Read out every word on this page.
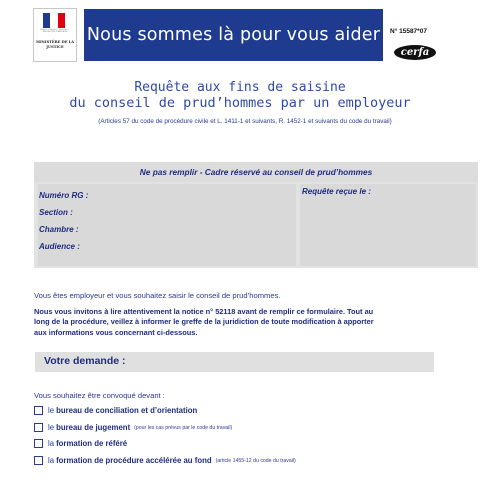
Liberté • Égalité • Fraternité · RÉPUBLIQUE FRANÇAISE
MINISTÈRE DE LA JUSTICE
Nous sommes là pour vous aider	N° 15587*07
cerfa
Requête aux fins de saisine
du conseil de prud’hommes par un employeur
(Articles 57 du code de procédure civile et L. 1411-1 et suivants, R. 1452-1 et suivants du code du travail)
Ne pas remplir - Cadre réservé au conseil de prud’hommes
Numéro RG :
Section :
Chambre :
Audience :
Requête reçue le :
Vous êtes employeur et vous souhaitez saisir le conseil de prud’hommes.
Nous vous invitons à lire attentivement la notice n° 52118 avant de remplir ce formulaire. Tout au
long de la procédure, veillez à informer le greffe de la juridiction de toute modification à apporter
aux informations vous concernant ci-dessous.
Votre demande :
Vous souhaitez être convoqué devant :
le bureau de conciliation et d’orientation
le bureau de jugement (pour les cas prévus par le code du travail)
la formation de référé
la formation de procédure accélérée au fond (article 1455-12 du code du travail)
